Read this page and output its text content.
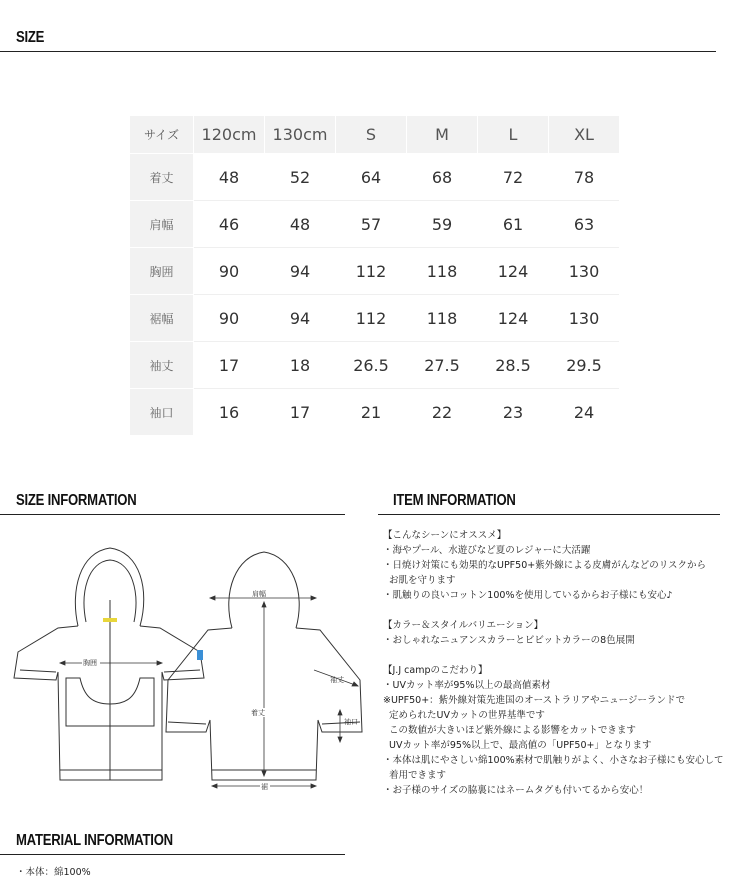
SIZE
サイズ	120cm	130cm	S	M	L	XL
着丈	48	52	64	68	72	78
肩幅	46	48	57	59	61	63
胸囲	90	94	112	118	124	130
裾幅	90	94	112	118	124	130
袖丈	17	18	26.5	27.5	28.5	29.5
袖口	16	17	21	22	23	24
SIZE INFORMATION	ITEM INFORMATION
胸囲
肩幅
着丈
裾
袖丈
袖口
【こんなシーンにオススメ】
・海やプール、水遊びなど夏のレジャーに大活躍
・日焼け対策にも効果的なUPF50+紫外線による皮膚がんなどのリスクから
お肌を守ります
・肌触りの良いコットン100%を使用しているからお子様にも安心♪
【カラー＆スタイルバリエーション】
・おしゃれなニュアンスカラーとビビットカラーの8色展開
【J.J campのこだわり】
・UVカット率が95%以上の最高値素材
※UPF50+：紫外線対策先進国のオーストラリアやニュージーランドで
定められたUVカットの世界基準です
この数値が大きいほど紫外線による影響をカットできます
UVカット率が95%以上で、最高値の「UPF50+」となります
・本体は肌にやさしい綿100%素材で肌触りがよく、小さなお子様にも安心して
着用できます
・お子様のサイズの脇裏にはネームタグも付いてるから安心！
MATERIAL INFORMATION
・本体：綿100%
